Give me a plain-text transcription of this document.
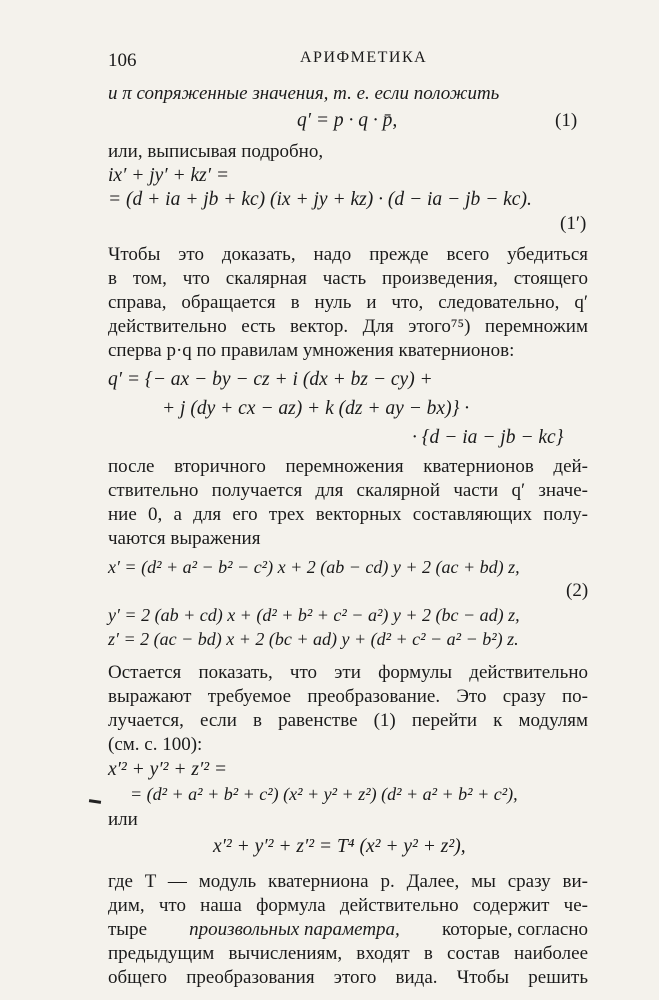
106	АРИФМЕТИКА
и π сопряженные значения, т. е. если положить
q′ = p · q · p̄,	(1)
или, выписывая подробно,
ix′ + jy′ + kz′ =
= (d + ia + jb + kc) (ix + jy + kz) · (d − ia − jb − kc).
(1′)
Чтобы это доказать, надо прежде всего убедиться
в том, что скалярная часть произведения, стоящего
справа, обращается в нуль и что, следовательно, q′
действительно есть вектор. Для этого⁷⁵) перемножим
сперва p·q по правилам умножения кватернионов:
q′ = {− ax − by − cz + i (dx + bz − cy) +
+ j (dy + cx − az) + k (dz + ay − bx)} ·
· {d − ia − jb − kc}
после вторичного перемножения кватернионов дей-
ствительно получается для скалярной части q′ значе-
ние 0, а для его трех векторных составляющих полу-
чаются выражения
x′ = (d² + a² − b² − c²) x + 2 (ab − cd) y + 2 (ac + bd) z,
(2)
y′ = 2 (ab + cd) x + (d² + b² + c² − a²) y + 2 (bc − ad) z,
z′ = 2 (ac − bd) x + 2 (bc + ad) y + (d² + c² − a² − b²) z.
Остается показать, что эти формулы действительно
выражают требуемое преобразование. Это сразу по-
лучается, если в равенстве (1) перейти к модулям
(см. с. 100):
x′² + y′² + z′² =
= (d² + a² + b² + c²) (x² + y² + z²) (d² + a² + b² + c²),
или
x′² + y′² + z′² = T⁴ (x² + y² + z²),
где T — модуль кватерниона p. Далее, мы сразу ви-
дим, что наша формула действительно содержит че-
тыре произвольных параметра, которые, согласно
предыдущим вычислениям, входят в состав наиболее
общего преобразования этого вида. Чтобы решить
